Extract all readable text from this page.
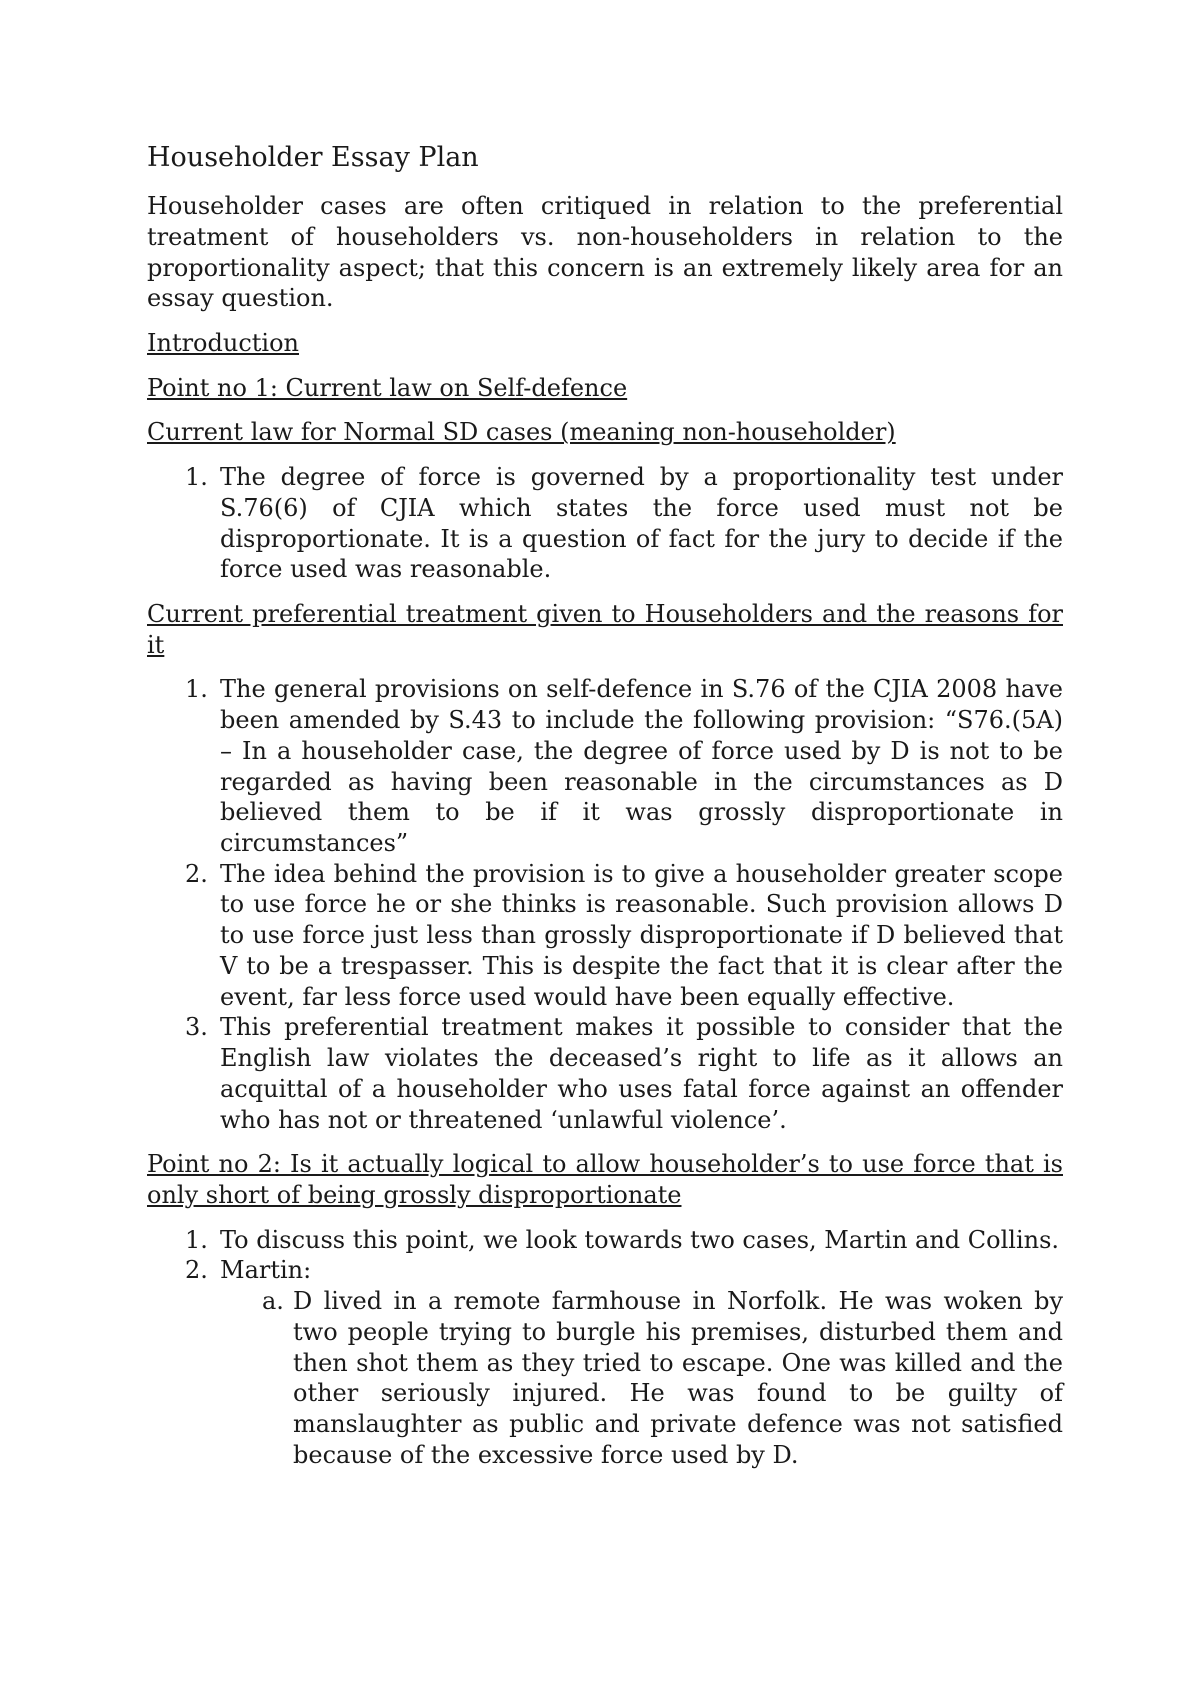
Householder Essay Plan

Householder cases are often critiqued in relation to the preferential treatment of householders vs. non-householders in relation to the proportionality aspect; that this concern is an extremely likely area for an essay question.

Introduction

Point no 1: Current law on Self-defence

Current law for Normal SD cases (meaning non-householder)

1. The degree of force is governed by a proportionality test under S.76(6) of CJIA which states the force used must not be disproportionate. It is a question of fact for the jury to decide if the force used was reasonable.

Current preferential treatment given to Householders and the reasons for it

1. The general provisions on self-defence in S.76 of the CJIA 2008 have been amended by S.43 to include the following provision: “S76.(5A) – In a householder case, the degree of force used by D is not to be regarded as having been reasonable in the circumstances as D believed them to be if it was grossly disproportionate in circumstances”
2. The idea behind the provision is to give a householder greater scope to use force he or she thinks is reasonable. Such provision allows D to use force just less than grossly disproportionate if D believed that V to be a trespasser. This is despite the fact that it is clear after the event, far less force used would have been equally effective.
3. This preferential treatment makes it possible to consider that the English law violates the deceased’s right to life as it allows an acquittal of a householder who uses fatal force against an offender who has not or threatened ‘unlawful violence’.

Point no 2: Is it actually logical to allow householder’s to use force that is only short of being grossly disproportionate

1. To discuss this point, we look towards two cases, Martin and Collins.
2. Martin:
a. D lived in a remote farmhouse in Norfolk. He was woken by two people trying to burgle his premises, disturbed them and then shot them as they tried to escape. One was killed and the other seriously injured. He was found to be guilty of manslaughter as public and private defence was not satisfied because of the excessive force used by D.
